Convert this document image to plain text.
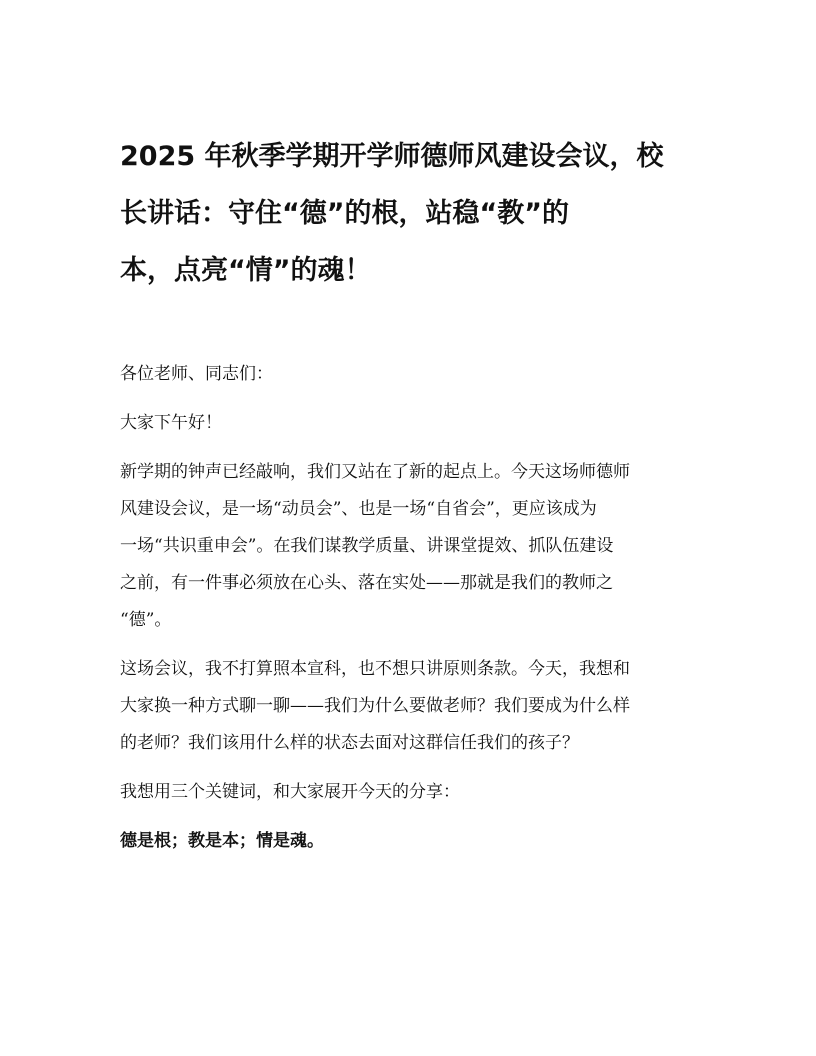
2025 年秋季学期开学师德师风建设会议，校
长讲话：守住“德”的根，站稳“教”的
本，点亮“情”的魂！
各位老师、同志们：
大家下午好！
新学期的钟声已经敲响，我们又站在了新的起点上。今天这场师德师
风建设会议，是一场“动员会”、也是一场“自省会”，更应该成为
一场“共识重申会”。在我们谋教学质量、讲课堂提效、抓队伍建设
之前，有一件事必须放在心头、落在实处——那就是我们的教师之
“德”。
这场会议，我不打算照本宣科，也不想只讲原则条款。今天，我想和
大家换一种方式聊一聊——我们为什么要做老师？我们要成为什么样
的老师？我们该用什么样的状态去面对这群信任我们的孩子？
我想用三个关键词，和大家展开今天的分享：
德是根；教是本；情是魂。
